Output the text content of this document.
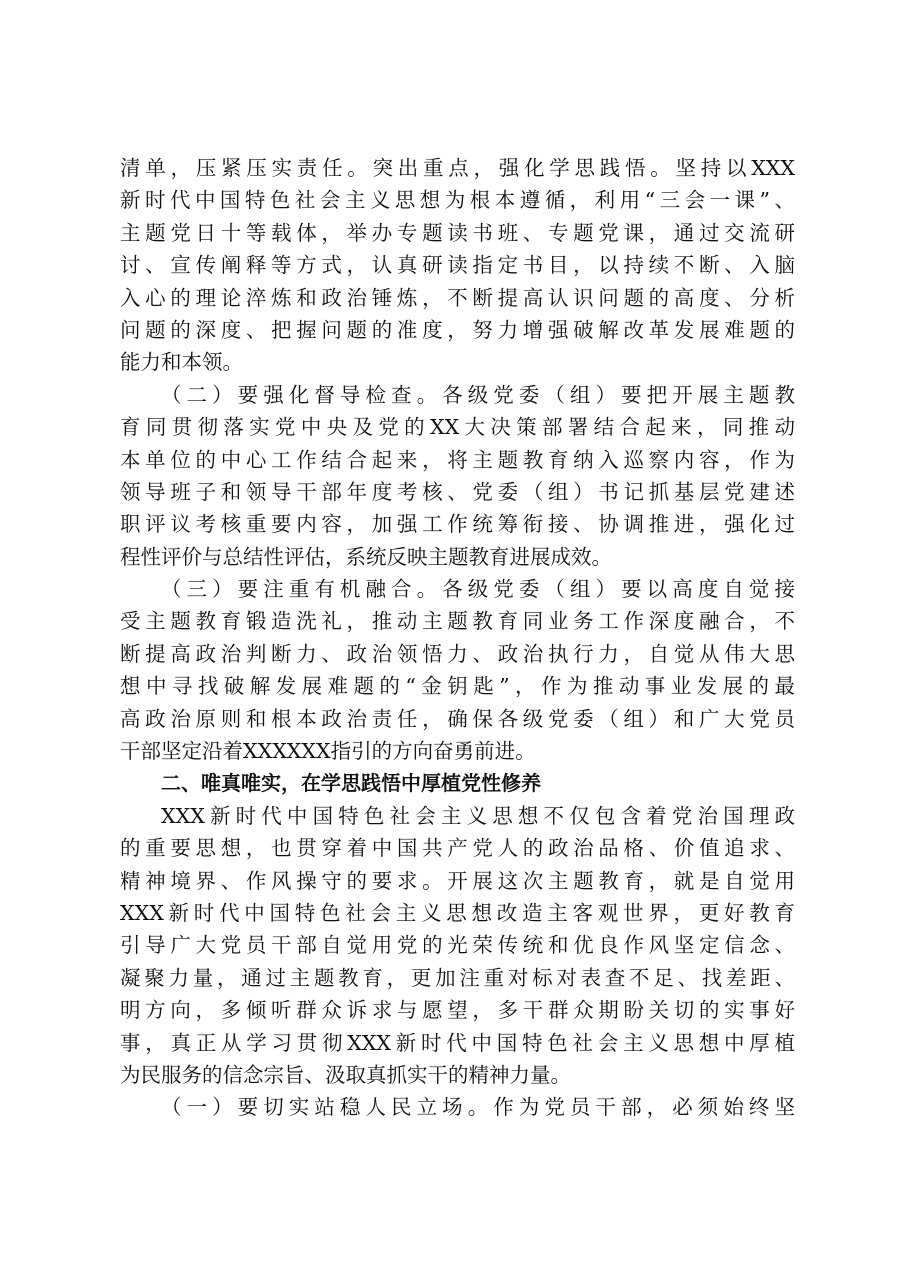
清单，压紧压实责任。突出重点，强化学思践悟。坚持以XXX
新时代中国特色社会主义思想为根本遵循，利用“三会一课”、
主题党日十等载体，举办专题读书班、专题党课，通过交流研
讨、宣传阐释等方式，认真研读指定书目，以持续不断、入脑
入心的理论淬炼和政治锤炼，不断提高认识问题的高度、分析
问题的深度、把握问题的准度，努力增强破解改革发展难题的
能力和本领。
（二）要强化督导检查。各级党委（组）要把开展主题教
育同贯彻落实党中央及党的XX大决策部署结合起来，同推动
本单位的中心工作结合起来，将主题教育纳入巡察内容，作为
领导班子和领导干部年度考核、党委（组）书记抓基层党建述
职评议考核重要内容，加强工作统筹衔接、协调推进，强化过
程性评价与总结性评估，系统反映主题教育进展成效。
（三）要注重有机融合。各级党委（组）要以高度自觉接
受主题教育锻造洗礼，推动主题教育同业务工作深度融合，不
断提高政治判断力、政治领悟力、政治执行力，自觉从伟大思
想中寻找破解发展难题的“金钥匙”，作为推动事业发展的最
高政治原则和根本政治责任，确保各级党委（组）和广大党员
干部坚定沿着XXXXXX指引的方向奋勇前进。
二、唯真唯实，在学思践悟中厚植党性修养
XXX新时代中国特色社会主义思想不仅包含着党治国理政
的重要思想，也贯穿着中国共产党人的政治品格、价值追求、
精神境界、作风操守的要求。开展这次主题教育，就是自觉用
XXX新时代中国特色社会主义思想改造主客观世界，更好教育
引导广大党员干部自觉用党的光荣传统和优良作风坚定信念、
凝聚力量，通过主题教育，更加注重对标对表查不足、找差距、
明方向，多倾听群众诉求与愿望，多干群众期盼关切的实事好
事，真正从学习贯彻XXX新时代中国特色社会主义思想中厚植
为民服务的信念宗旨、汲取真抓实干的精神力量。
（一）要切实站稳人民立场。作为党员干部，必须始终坚
